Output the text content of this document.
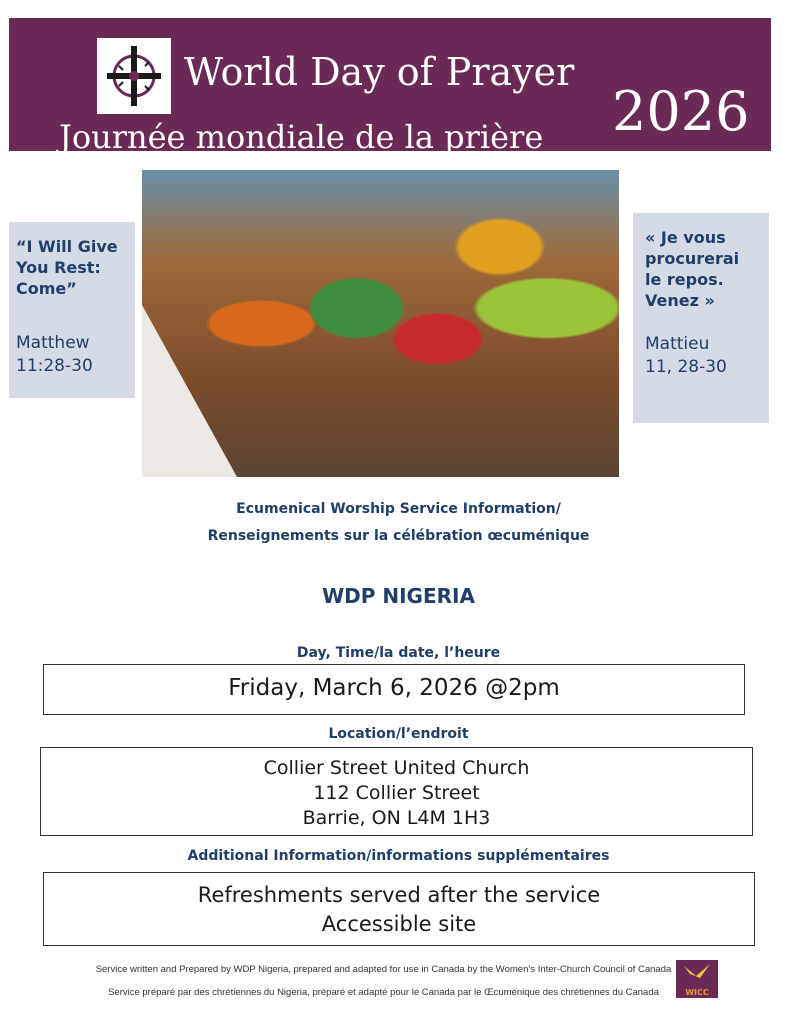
World Day of Prayer
Journée mondiale de la prière 2026
“I Will Give
You Rest:
Come”
Matthew
11:28-30
« Je vous
procurerai
le repos.
Venez »
Mattieu
11, 28-30
Ecumenical Worship Service Information/
Renseignements sur la célébration œcuménique
WDP NIGERIA
Day, Time/la date, l’heure
Friday, March 6, 2026 @2pm
Location/l’endroit
Collier Street United Church
112 Collier Street
Barrie, ON L4M 1H3
Additional Information/informations supplémentaires
Refreshments served after the service
Accessible site
Service written and Prepared by WDP Nigeria, prepared and adapted for use in Canada by the Women’s Inter-Church Council of Canada
Service préparé par des chrétiennes du Nigeria, préparé et adapté pour le Canada par le Œcuménique des chrétiennes du Canada	WICC
